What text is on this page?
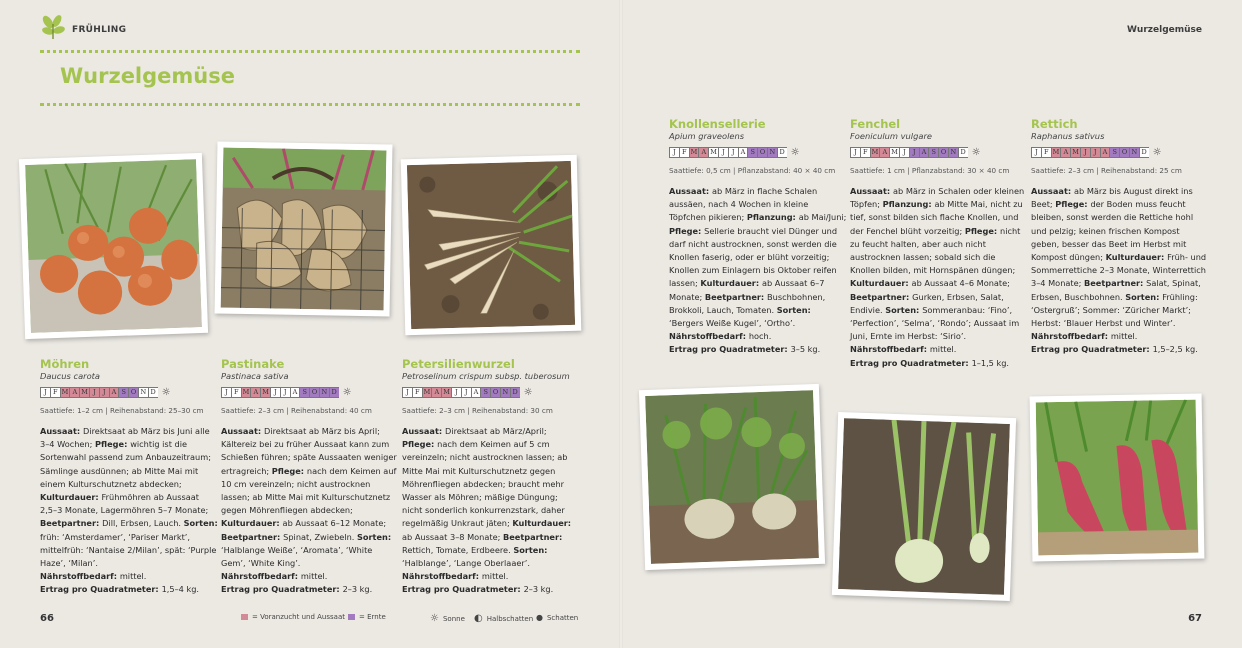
FRÜHLING	Wurzelgemüse
Wurzelgemüse
Möhren
Daucus carota
J F M A M J	J A S O N D ☼
Saattiefe: 1–2 cm | Reihenabstand: 25–30 cm

Aussaat: Direktsaat ab März bis Juni alle 3–4 Wochen; Pflege: wichtig ist die Sortenwahl passend zum Anbauzeitraum; Sämlinge ausdünnen; ab Mitte Mai mit einem Kulturschutznetz abdecken; Kulturdauer: Frühmöhren ab Aussaat 2,5–3 Monate, Lagermöhren 5–7 Monate; Beetpartner: Dill, Erbsen, Lauch. Sorten: früh: ‘Amsterdamer’, ‘Pariser Markt’, mittelfrüh: ‘Nantaise 2/Milan’, spät: ‘Purple Haze’, ‘Milan’.

Nährstoffbedarf: mittel.

Ertrag pro Quadratmeter: 1,5–4 kg.

Pastinake
Pastinaca sativa
J F M A M J	J A S O N D ☼
Saattiefe: 2–3 cm | Reihenabstand: 40 cm

Aussaat: Direktsaat ab März bis April; Kältereiz bei zu früher Aussaat kann zum Schießen führen; späte Aussaaten weniger ertragreich; Pflege: nach dem Keimen auf 10 cm vereinzeln; nicht austrocknen lassen; ab Mitte Mai mit Kulturschutznetz gegen Möhrenfliegen abdecken; Kulturdauer: ab Aussaat 6–12 Monate; Beetpartner: Spinat, Zwiebeln. Sorten: ‘Halblange Weiße’, ‘Aromata’, ‘White Gem’, ‘White King’.

Nährstoffbedarf: mittel.

Ertrag pro Quadratmeter: 2–3 kg.

Petersilienwurzel
Petroselinum crispum subsp. tuberosum
J F M A M J	J A S O N D ☼
Saattiefe: 2–3 cm | Reihenabstand: 30 cm

Aussaat: Direktsaat ab März/April; Pflege: nach dem Keimen auf 5 cm vereinzeln; nicht austrocknen lassen; ab Mitte Mai mit Kulturschutznetz gegen Möhrenfliegen abdecken; braucht mehr Wasser als Möhren; mäßige Düngung; nicht sonderlich konkurrenzstark, daher regelmäßig Unkraut jäten; Kulturdauer: ab Aussaat 3–8 Monate; Beetpartner: Rettich, Tomate, Erdbeere. Sorten: ‘Halblange’, ‘Lange Oberlaaer’.

Nährstoffbedarf: mittel.

Ertrag pro Quadratmeter: 2–3 kg.

Knollensellerie
Apium graveolens
J F M A M J	J A S O N D ☼
Saattiefe: 0,5 cm | Pflanzabstand: 40 × 40 cm

Aussaat: ab März in flache Schalen aussäen, nach 4 Wochen in kleine Töpfchen pikieren; Pflanzung: ab Mai/Juni; Pflege: Sellerie braucht viel Dünger und darf nicht austrocknen, sonst werden die Knollen faserig, oder er blüht vorzeitig; Knollen zum Einlagern bis Oktober reifen lassen; Kulturdauer: ab Aussaat 6–7 Monate; Beetpartner: Buschbohnen, Brokkoli, Lauch, Tomaten. Sorten: ‘Bergers Weiße Kugel’, ‘Ortho’.

Nährstoffbedarf: hoch.

Ertrag pro Quadratmeter: 3–5 kg.

Fenchel
Foeniculum vulgare
J F M A M J	J A S O N D ☼
Saattiefe: 1 cm | Pflanzabstand: 30 × 40 cm

Aussaat: ab März in Schalen oder kleinen Töpfen; Pflanzung: ab Mitte Mai, nicht zu tief, sonst bilden sich flache Knollen, und der Fenchel blüht vorzeitig; Pflege: nicht zu feucht halten, aber auch nicht austrocknen lassen; sobald sich die Knollen bilden, mit Hornspänen düngen; Kulturdauer: ab Aussaat 4–6 Monate; Beetpartner: Gurken, Erbsen, Salat, Endivie. Sorten: Sommeranbau: ‘Fino’, ‘Perfection’, ‘Selma’, ‘Rondo’; Aussaat im Juni, Ernte im Herbst: ‘Sirio’.

Nährstoffbedarf: mittel.

Ertrag pro Quadratmeter: 1–1,5 kg.

Rettich
Raphanus sativus
J F M A M J	J A S O N D ☼
Saattiefe: 2–3 cm | Reihenabstand: 25 cm

Aussaat: ab März bis August direkt ins Beet; Pflege: der Boden muss feucht bleiben, sonst werden die Rettiche hohl und pelzig; keinen frischen Kompost geben, besser das Beet im Herbst mit Kompost düngen; Kulturdauer: Früh- und Sommerrettiche 2–3 Monate, Winterrettich 3–4 Monate; Beetpartner: Salat, Spinat, Erbsen, Buschbohnen. Sorten: Frühling: ‘Ostergruß’; Sommer: ‘Züricher Markt’; Herbst: ‘Blauer Herbst und Winter’.

Nährstoffbedarf: mittel.

Ertrag pro Quadratmeter: 1,5–2,5 kg.

66	67
= Voranzucht und Aussaat = Ernte	☼ Sonne ◐ Halbschatten ● Schatten
